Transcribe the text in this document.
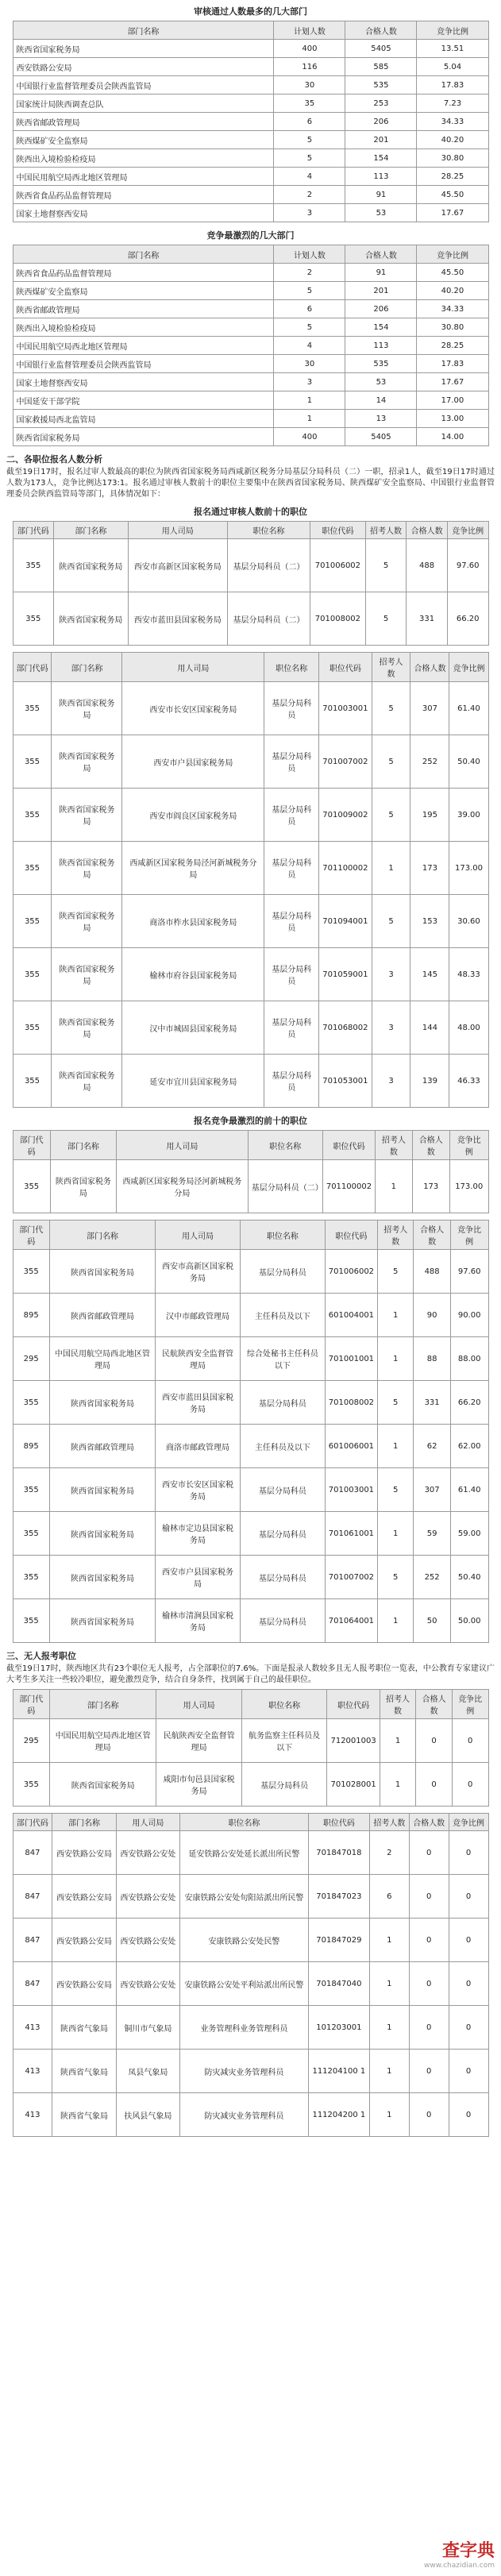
审核通过人数最多的几大部门
部门名称	计划人数	合格人数	竞争比例
陕西省国家税务局	400	5405	13.51
西安铁路公安局	116	585	5.04
中国银行业监督管理委员会陕西监管局	30	535	17.83
国家统计局陕西调查总队	35	253	7.23
陕西省邮政管理局	6	206	34.33
陕西煤矿安全监察局	5	201	40.20
陕西出入境检验检疫局	5	154	30.80
中国民用航空局西北地区管理局	4	113	28.25
陕西省食品药品监督管理局	2	91	45.50
国家土地督察西安局	3	53	17.67
竞争最激烈的几大部门
部门名称	计划人数	合格人数	竞争比例
陕西省食品药品监督管理局	2	91	45.50
陕西煤矿安全监察局	5	201	40.20
陕西省邮政管理局	6	206	34.33
陕西出入境检验检疫局	5	154	30.80
中国民用航空局西北地区管理局	4	113	28.25
中国银行业监督管理委员会陕西监管局	30	535	17.83
国家土地督察西安局	3	53	17.67
中国延安干部学院	1	14	17.00
国家救援局西北监管局	1	13	13.00
陕西省国家税务局	400	5405	14.00
二、各职位报名人数分析
截至19日17时，报名过审人数最高的职位为陕西省国家税务局西咸新区税务分局基层分局科员（二）一职，招录1人，截至19日17时通过人数为173人，竞争比例达173:1。报名通过审核人数前十的职位主要集中在陕西省国家税务局、陕西煤矿安全监察局、中国银行业监督管理委员会陕西监管局等部门，具体情况如下：
报名通过审核人数前十的职位
部门代码	部门名称	用人司局	职位名称	职位代码	招考人数	合格人数	竞争比例
355	陕西省国家税务局	西安市高新区国家税务局	基层分局科员（二）	701006002	5	488	97.60
355	陕西省国家税务局	西安市蓝田县国家税务局	基层分局科员（二）	701008002	5	331	66.20
部门代码	部门名称	用人司局	职位名称	职位代码	招考人数	合格人数	竞争比例
355	陕西省国家税务局	西安市长安区国家税务局	基层分局科员	701003001	5	307	61.40
355	陕西省国家税务局	西安市户县国家税务局	基层分局科员	701007002	5	252	50.40
355	陕西省国家税务局	西安市阎良区国家税务局	基层分局科员	701009002	5	195	39.00
355	陕西省国家税务局	西咸新区国家税务局泾河新城税务分局	基层分局科员	701100002	1	173	173.00
355	陕西省国家税务局	商洛市柞水县国家税务局	基层分局科员	701094001	5	153	30.60
355	陕西省国家税务局	榆林市府谷县国家税务局	基层分局科员	701059001	3	145	48.33
355	陕西省国家税务局	汉中市城固县国家税务局	基层分局科员	701068002	3	144	48.00
355	陕西省国家税务局	延安市宜川县国家税务局	基层分局科员	701053001	3	139	46.33
报名竞争最激烈的前十的职位
部门代码	部门名称	用人司局	职位名称	职位代码	招考人数	合格人数	竞争比例
355	陕西省国家税务局	西咸新区国家税务局泾河新城税务分局	基层分局科员（二）	701100002	1	173	173.00
部门代码	部门名称	用人司局	职位名称	职位代码	招考人数	合格人数	竞争比例
355	陕西省国家税务局	西安市高新区国家税务局	基层分局科员	701006002	5	488	97.60
895	陕西省邮政管理局	汉中市邮政管理局	主任科员及以下	601004001	1	90	90.00
295	中国民用航空局西北地区管理局	民航陕西安全监督管理局	综合处秘书主任科员以下	701001001	1	88	88.00
355	陕西省国家税务局	西安市蓝田县国家税务局	基层分局科员	701008002	5	331	66.20
895	陕西省邮政管理局	商洛市邮政管理局	主任科员及以下	601006001	1	62	62.00
355	陕西省国家税务局	西安市长安区国家税务局	基层分局科员	701003001	5	307	61.40
355	陕西省国家税务局	榆林市定边县国家税务局	基层分局科员	701061001	1	59	59.00
355	陕西省国家税务局	西安市户县国家税务局	基层分局科员	701007002	5	252	50.40
355	陕西省国家税务局	榆林市清涧县国家税务局	基层分局科员	701064001	1	50	50.00
三、无人报考职位
截至19日17时，陕西地区共有23个职位无人报考，占全部职位的7.6%。下面是报录人数较多且无人报考职位一览表，中公教育专家建议广大考生多关注一些较冷职位，避免激烈竞争，结合自身条件，找到属于自己的最佳职位。
部门代码	部门名称	用人司局	职位名称	职位代码	招考人数	合格人数	竞争比例
295	中国民用航空局西北地区管理局	民航陕西安全监督管理局	航务监察主任科员及以下	712001003	1	0	0
355	陕西省国家税务局	咸阳市旬邑县国家税务局	基层分局科员	701028001	1	0	0
部门代码	部门名称	用人司局	职位名称	职位代码	招考人数	合格人数	竞争比例
847	西安铁路公安局	西安铁路公安处	延安铁路公安处延长派出所民警	701847018	2	0	0
847	西安铁路公安局	西安铁路公安处	安康铁路公安处旬阳站派出所民警	701847023	6	0	0
847	西安铁路公安局	西安铁路公安处	安康铁路公安处民警	701847029	1	0	0
847	西安铁路公安局	西安铁路公安处	安康铁路公安处平利站派出所民警	701847040	1	0	0
413	陕西省气象局	铜川市气象局	业务管理科业务管理科员	101203001	1	0	0
413	陕西省气象局	凤县气象局	防灾减灾业务管理科员	111204100 1	1	0	0
413	陕西省气象局	扶风县气象局	防灾减灾业务管理科员	111204200 1	1	0	0
查字典
www.chazidian.com
